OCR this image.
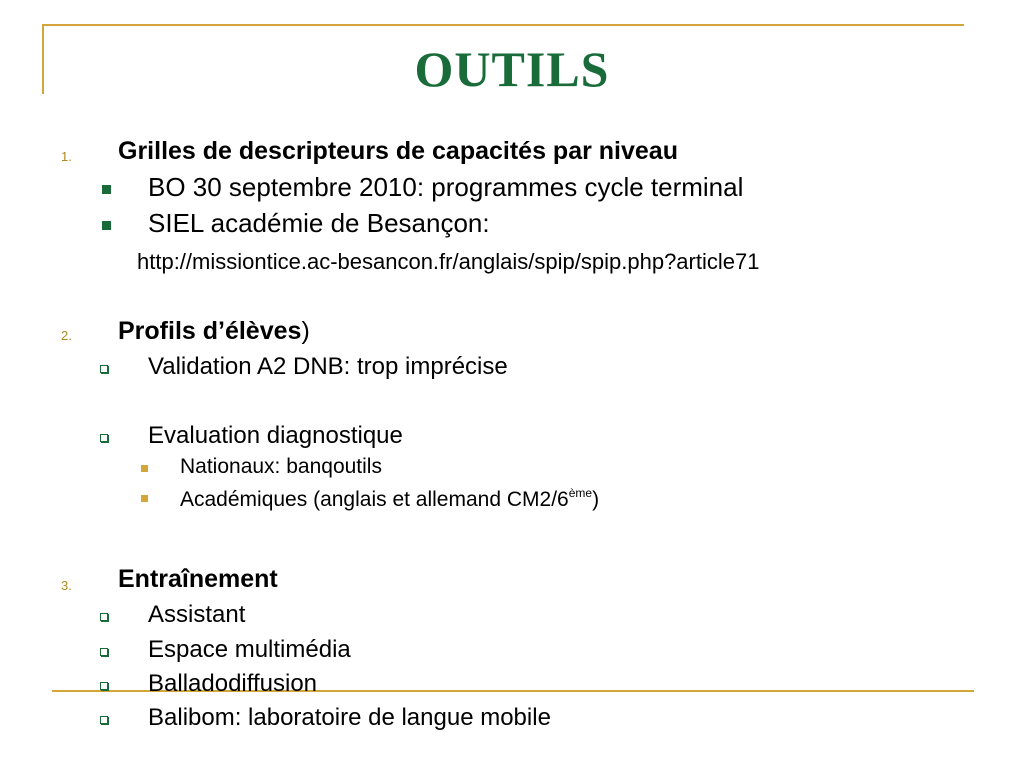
OUTILS
1. Grilles de descripteurs de capacités par niveau
BO 30 septembre 2010: programmes cycle terminal
SIEL académie de Besançon:
http://missiontice.ac-besancon.fr/anglais/spip/spip.php?article71
2. Profils d’élèves)
Validation A2 DNB: trop imprécise
Evaluation diagnostique
Nationaux: banqoutils
Académiques (anglais et allemand CM2/6ème)
3. Entraînement
Assistant
Espace multimédia
Balladodiffusion
Balibom: laboratoire de langue mobile
